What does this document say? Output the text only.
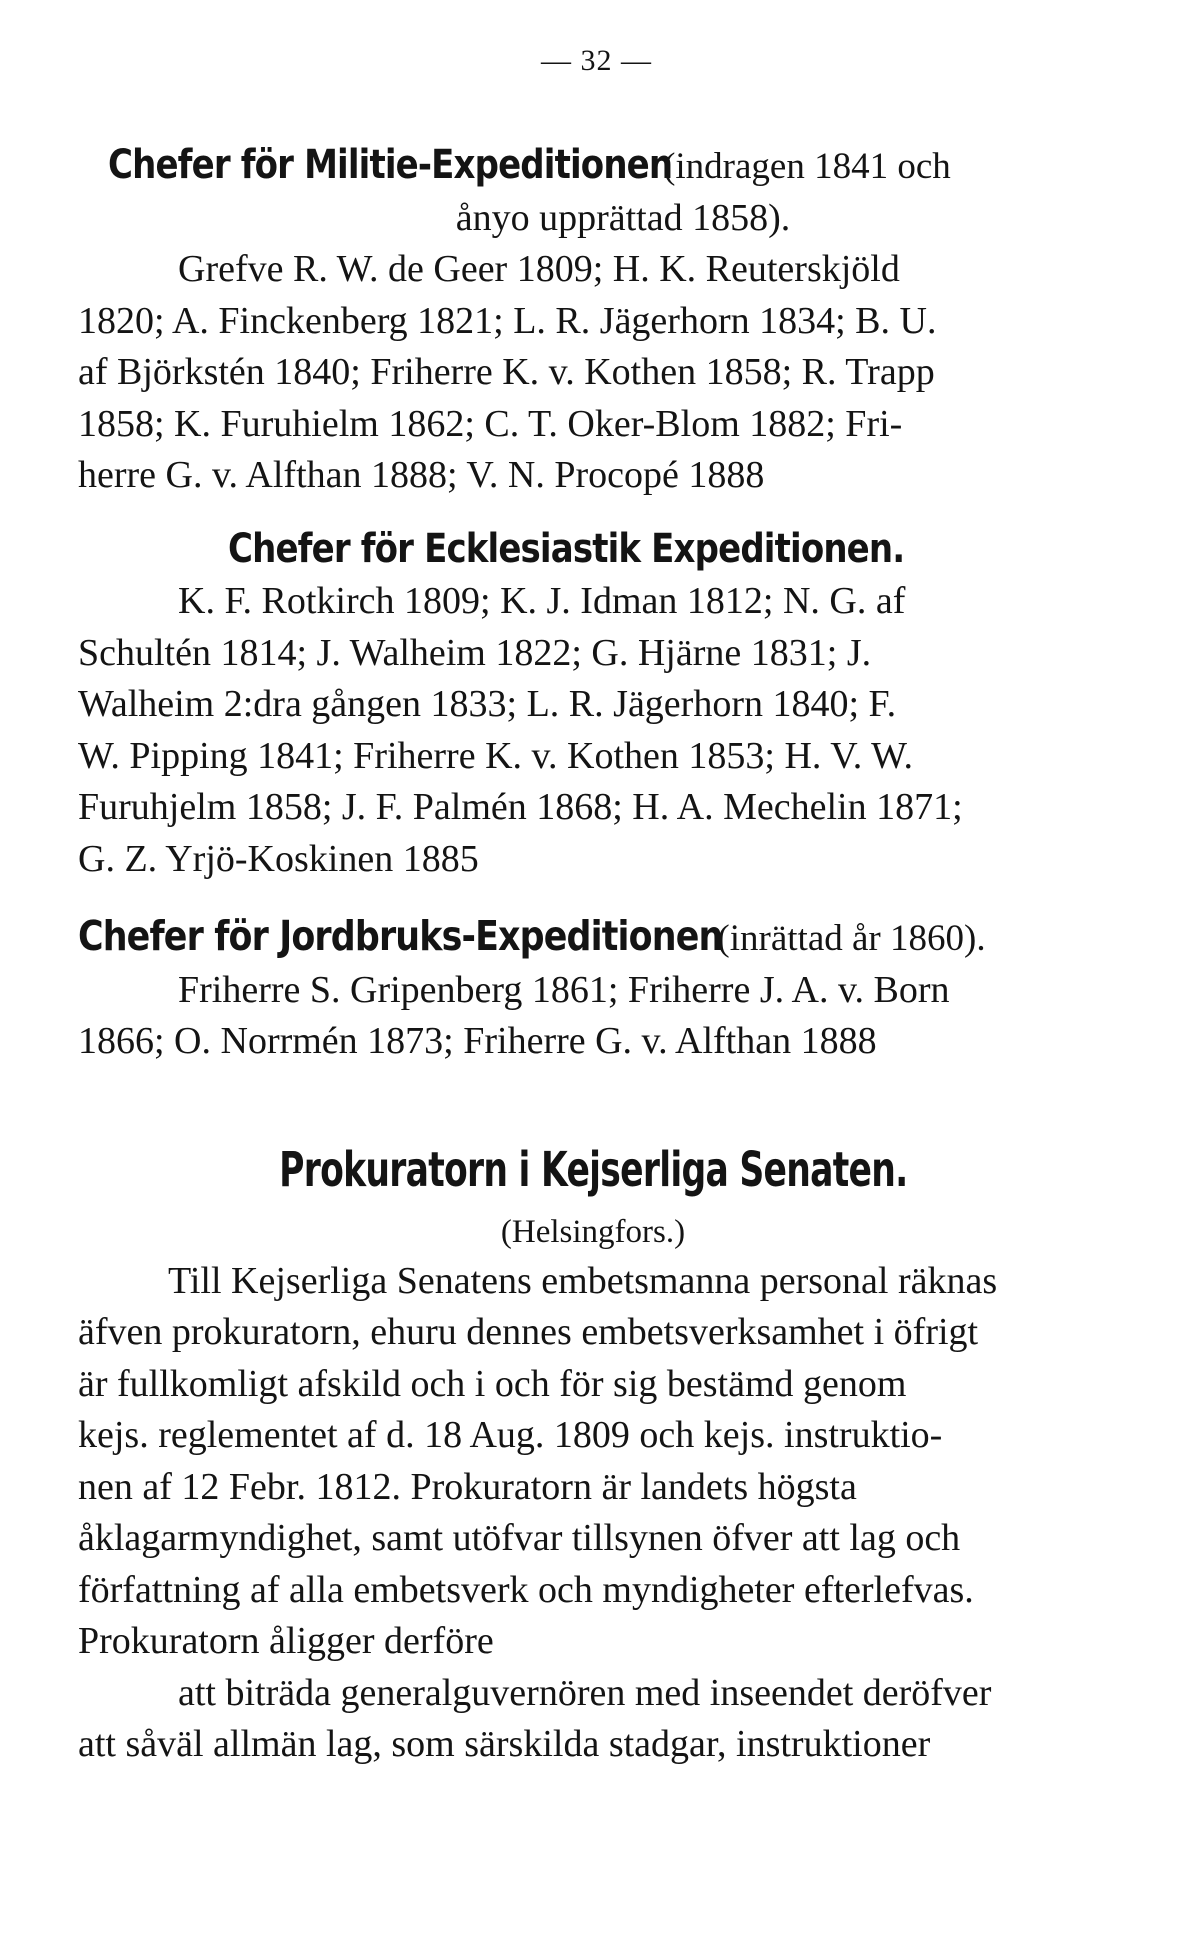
— 32 —
Chefer för Militie-Expeditionen (indragen 1841 och

ånyo upprättad 1858).

Grefve R. W. de Geer 1809; H. K. Reuterskjöld

1820; A. Finckenberg 1821; L. R. Jägerhorn 1834; B. U.

af Björkstén 1840; Friherre K. v. Kothen 1858; R. Trapp

1858; K. Furuhielm 1862; C. T. Oker-Blom 1882; Fri-

herre G. v. Alfthan 1888; V. N. Procopé 1888

Chefer för Ecklesiastik Expeditionen.

K. F. Rotkirch 1809; K. J. Idman 1812; N. G. af

Schultén 1814; J. Walheim 1822; G. Hjärne 1831; J.

Walheim 2:dra gången 1833; L. R. Jägerhorn 1840; F.

W. Pipping 1841; Friherre K. v. Kothen 1853; H. V. W.

Furuhjelm 1858; J. F. Palmén 1868; H. A. Mechelin 1871;

G. Z. Yrjö-Koskinen 1885

Chefer för Jordbruks-Expeditionen (inrättad år 1860).

Friherre S. Gripenberg 1861; Friherre J. A. v. Born

1866; O. Norrmén 1873; Friherre G. v. Alfthan 1888

Prokuratorn i Kejserliga Senaten.

(Helsingfors.)

Till Kejserliga Senatens embetsmanna personal räknas

äfven prokuratorn, ehuru dennes embetsverksamhet i öfrigt

är fullkomligt afskild och i och för sig bestämd genom

kejs. reglementet af d. 18 Aug. 1809 och kejs. instruktio-

nen af 12 Febr. 1812. Prokuratorn är landets högsta

åklagarmyndighet, samt utöfvar tillsynen öfver att lag och

författning af alla embetsverk och myndigheter efterlefvas.

Prokuratorn åligger derföre

att biträda generalguvernören med inseendet deröfver

att såväl allmän lag, som särskilda stadgar, instruktioner
